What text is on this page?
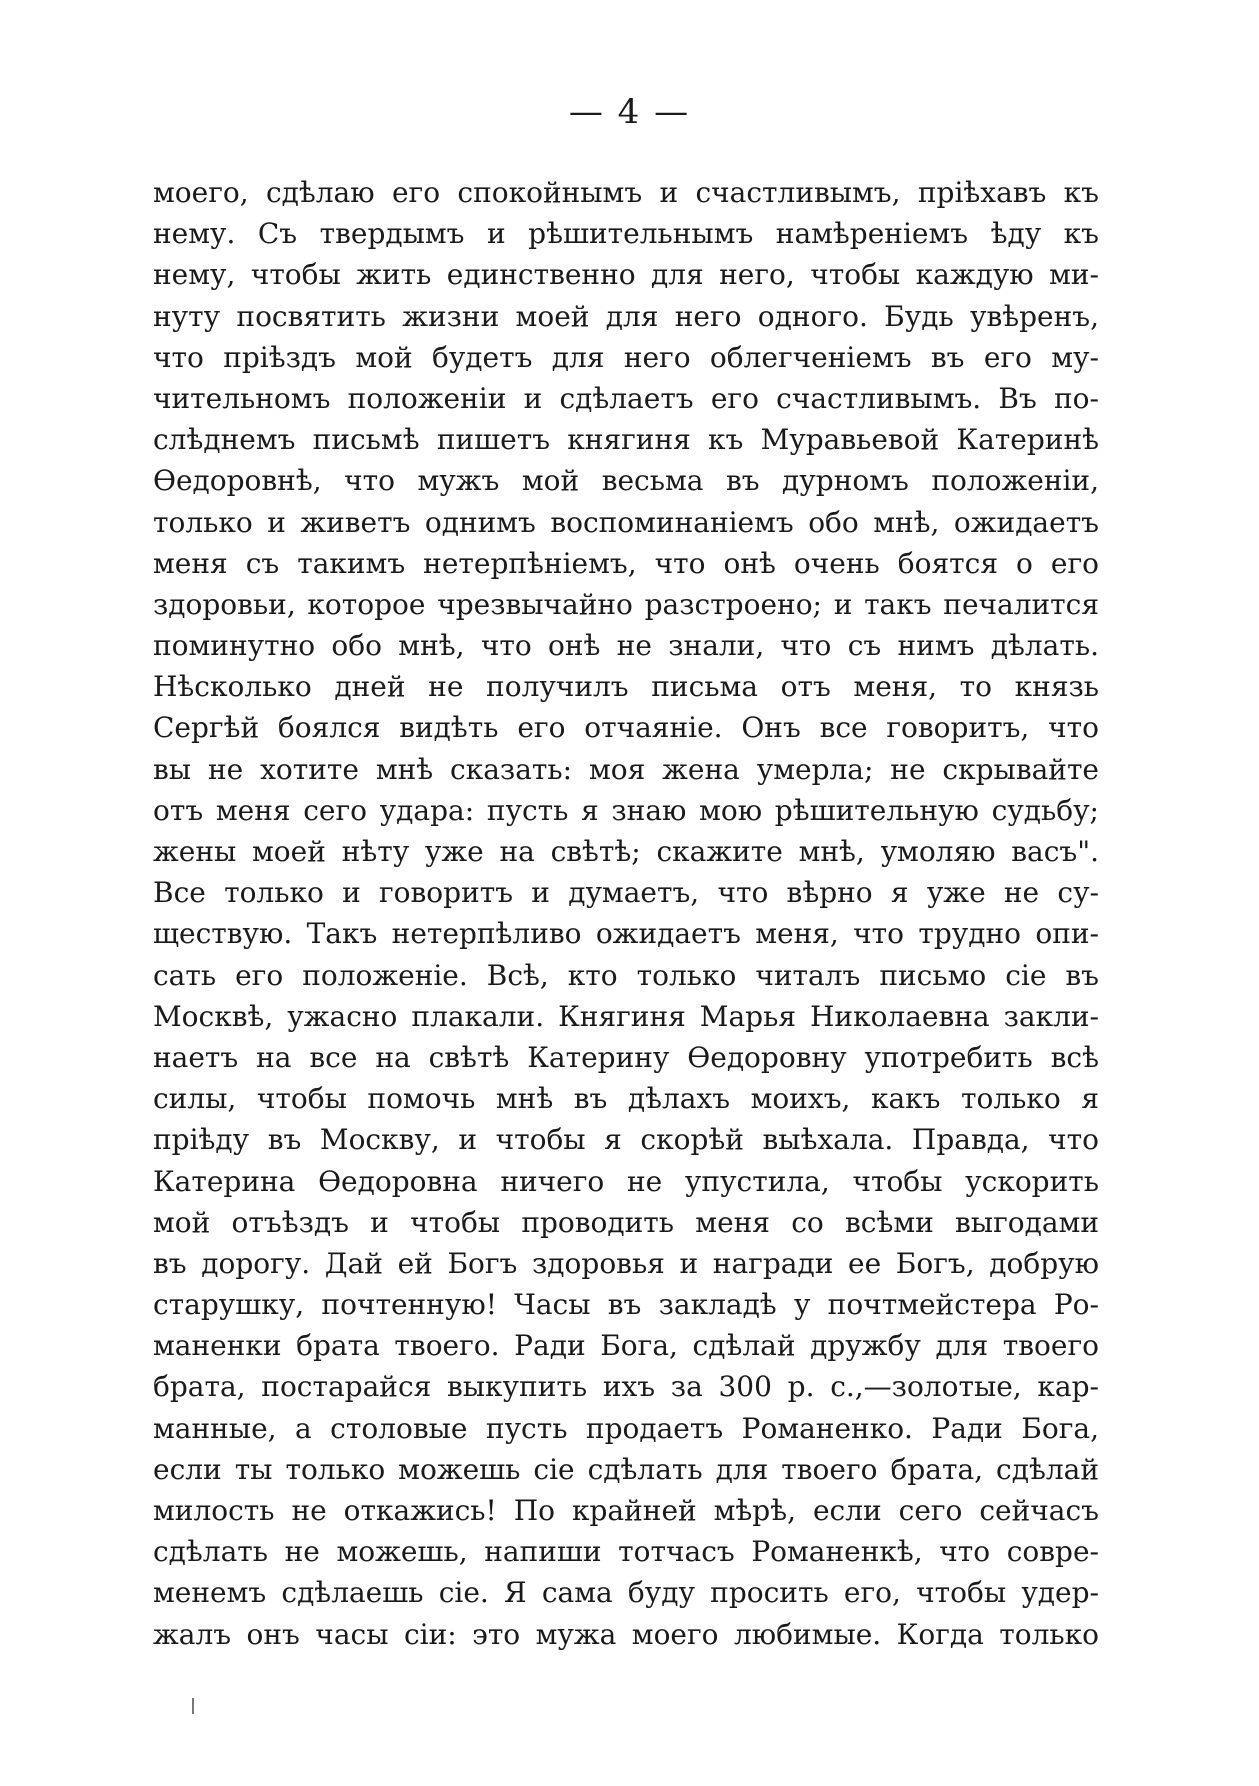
— 4 —
моего, сдѣлаю его спокойнымъ и счастливымъ, пріѣхавъ къ
нему. Съ твердымъ и рѣшительнымъ намѣреніемъ ѣду къ
нему, чтобы жить единственно для него, чтобы каждую ми-
нуту посвятить жизни моей для него одного. Будь увѣренъ,
что пріѣздъ мой будетъ для него облегченіемъ въ его му-
чительномъ положеніи и сдѣлаетъ его счастливымъ. Въ по-
слѣднемъ письмѣ пишетъ княгиня къ Муравьевой Катеринѣ
Ѳедоровнѣ, что мужъ мой весьма въ дурномъ положеніи,
только и живетъ однимъ воспоминаніемъ обо мнѣ, ожидаетъ
меня съ такимъ нетерпѣніемъ, что онѣ очень боятся о его
здоровьи, которое чрезвычайно разстроено; и такъ печалится
поминутно обо мнѣ, что онѣ не знали, что съ нимъ дѣлать.
Нѣсколько дней не получилъ письма отъ меня, то князь
Сергѣй боялся видѣть его отчаяніе. Онъ все говоритъ, что
вы не хотите мнѣ сказать: моя жена умерла; не скрывайте
отъ меня сего удара: пусть я знаю мою рѣшительную судьбу;
жены моей нѣту уже на свѣтѣ; скажите мнѣ, умоляю васъ".
Все только и говоритъ и думаетъ, что вѣрно я уже не су-
ществую. Такъ нетерпѣливо ожидаетъ меня, что трудно опи-
сать его положеніе. Всѣ, кто только читалъ письмо сіе въ
Москвѣ, ужасно плакали. Княгиня Марья Николаевна закли-
наетъ на все на свѣтѣ Катерину Ѳедоровну употребить всѣ
силы, чтобы помочь мнѣ въ дѣлахъ моихъ, какъ только я
пріѣду въ Москву, и чтобы я скорѣй выѣхала. Правда, что
Катерина Ѳедоровна ничего не упустила, чтобы ускорить
мой отъѣздъ и чтобы проводить меня со всѣми выгодами
въ дорогу. Дай ей Богъ здоровья и награди ее Богъ, добрую
старушку, почтенную! Часы въ закладѣ у почтмейстера Ро-
маненки брата твоего. Ради Бога, сдѣлай дружбу для твоего
брата, постарайся выкупить ихъ за 300 р. с.,—золотые, кар-
манные, а столовые пусть продаетъ Романенко. Ради Бога,
если ты только можешь сіе сдѣлать для твоего брата, сдѣлай
милость не откажись! По крайней мѣрѣ, если сего сейчасъ
сдѣлать не можешь, напиши тотчасъ Романенкѣ, что совре-
менемъ сдѣлаешь сіе. Я сама буду просить его, чтобы удер-
жалъ онъ часы сіи: это мужа моего любимые. Когда только
